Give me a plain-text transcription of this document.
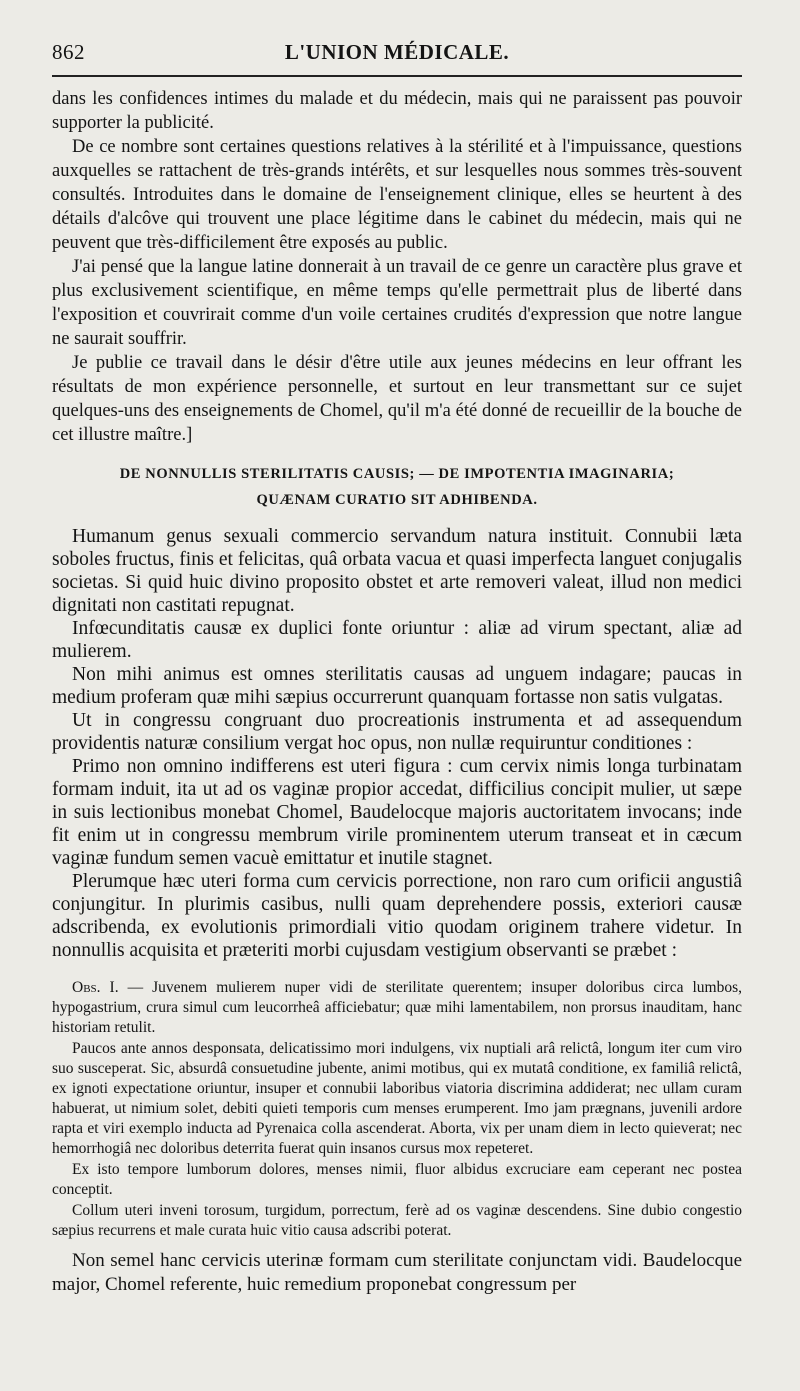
862	L'UNION MÉDICALE.

dans les confidences intimes du malade et du médecin, mais qui ne paraissent pas pouvoir supporter la publicité.

De ce nombre sont certaines questions relatives à la stérilité et à l'impuissance, questions auxquelles se rattachent de très-grands intérêts, et sur lesquelles nous sommes très-souvent consultés. Introduites dans le domaine de l'enseignement clinique, elles se heurtent à des détails d'alcôve qui trouvent une place légitime dans le cabinet du médecin, mais qui ne peuvent que très-difficilement être exposés au public.

J'ai pensé que la langue latine donnerait à un travail de ce genre un caractère plus grave et plus exclusivement scientifique, en même temps qu'elle permettrait plus de liberté dans l'exposition et couvrirait comme d'un voile certaines crudités d'expression que notre langue ne saurait souffrir.

Je publie ce travail dans le désir d'être utile aux jeunes médecins en leur offrant les résultats de mon expérience personnelle, et surtout en leur transmettant sur ce sujet quelques-uns des enseignements de Chomel, qu'il m'a été donné de recueillir de la bouche de cet illustre maître.]

DE NONNULLIS STERILITATIS CAUSIS; — DE IMPOTENTIA IMAGINARIA;
QUÆNAM CURATIO SIT ADHIBENDA.

Humanum genus sexuali commercio servandum natura instituit. Connubii læta soboles fructus, finis et felicitas, quâ orbata vacua et quasi imperfecta languet conjugalis societas. Si quid huic divino proposito obstet et arte removeri valeat, illud non medici dignitati non castitati repugnat.

Infœcunditatis causæ ex duplici fonte oriuntur : aliæ ad virum spectant, aliæ ad mulierem.

Non mihi animus est omnes sterilitatis causas ad unguem indagare; paucas in medium proferam quæ mihi sæpius occurrerunt quanquam fortasse non satis vulgatas.

Ut in congressu congruant duo procreationis instrumenta et ad assequendum providentis naturæ consilium vergat hoc opus, non nullæ requiruntur conditiones :

Primo non omnino indifferens est uteri figura : cum cervix nimis longa turbinatam formam induit, ita ut ad os vaginæ propior accedat, difficilius concipit mulier, ut sæpe in suis lectionibus monebat Chomel, Baudelocque majoris auctoritatem invocans; inde fit enim ut in congressu membrum virile prominentem uterum transeat et in cæcum vaginæ fundum semen vacuè emittatur et inutile stagnet.

Plerumque hæc uteri forma cum cervicis porrectione, non raro cum orificii angustiâ conjungitur. In plurimis casibus, nulli quam deprehendere possis, exteriori causæ adscribenda, ex evolutionis primordiali vitio quodam originem trahere videtur. In nonnullis acquisita et præteriti morbi cujusdam vestigium observanti se præbet :

Obs. I. — Juvenem mulierem nuper vidi de sterilitate querentem; insuper doloribus circa lumbos, hypogastrium, crura simul cum leucorrheâ afficiebatur; quæ mihi lamentabilem, non prorsus inauditam, hanc historiam retulit.

Paucos ante annos desponsata, delicatissimo mori indulgens, vix nuptiali arâ relictâ, longum iter cum viro suo susceperat. Sic, absurdâ consuetudine jubente, animi motibus, qui ex mutatâ conditione, ex familiâ relictâ, ex ignoti expectatione oriuntur, insuper et connubii laboribus viatoria discrimina addiderat; nec ullam curam habuerat, ut nimium solet, debiti quieti temporis cum menses erumperent. Imo jam prægnans, juvenili ardore rapta et viri exemplo inducta ad Pyrenaica colla ascenderat. Aborta, vix per unam diem in lecto quieverat; nec hemorrhogiâ nec doloribus deterrita fuerat quin insanos cursus mox repeteret.

Ex isto tempore lumborum dolores, menses nimii, fluor albidus excruciare eam ceperant nec postea conceptit.

Collum uteri inveni torosum, turgidum, porrectum, ferè ad os vaginæ descendens. Sine dubio congestio sæpius recurrens et male curata huic vitio causa adscribi poterat.

Non semel hanc cervicis uterinæ formam cum sterilitate conjunctam vidi. Baudelocque major, Chomel referente, huic remedium proponebat congressum per
